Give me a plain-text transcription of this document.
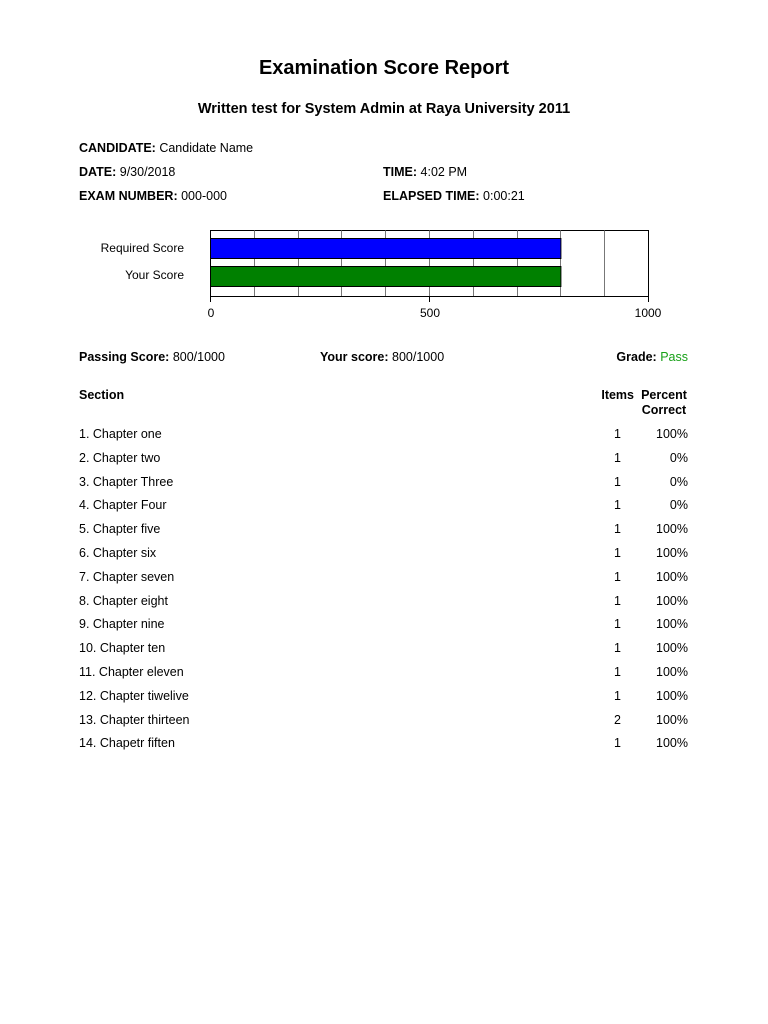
Examination Score Report
Written test for System Admin at Raya University 2011
CANDIDATE: Candidate Name
DATE: 9/30/2018	TIME: 4:02 PM
EXAM NUMBER: 000-000	ELAPSED TIME: 0:00:21
Required Score
Your Score
0	500	1000
Passing Score: 800/1000	Your score: 800/1000	Grade: Pass
Section	Items Percent
Correct
1. Chapter one	1	100%
2. Chapter two	1	0%
3. Chapter Three	1	0%
4. Chapter Four	1	0%
5. Chapter five	1	100%
6. Chapter six	1	100%
7. Chapter seven	1	100%
8. Chapter eight	1	100%
9. Chapter nine	1	100%
10. Chapter ten	1	100%
11. Chapter eleven	1	100%
12. Chapter tiwelive	1	100%
13. Chapter thirteen	2	100%
14. Chapetr fiften	1	100%
